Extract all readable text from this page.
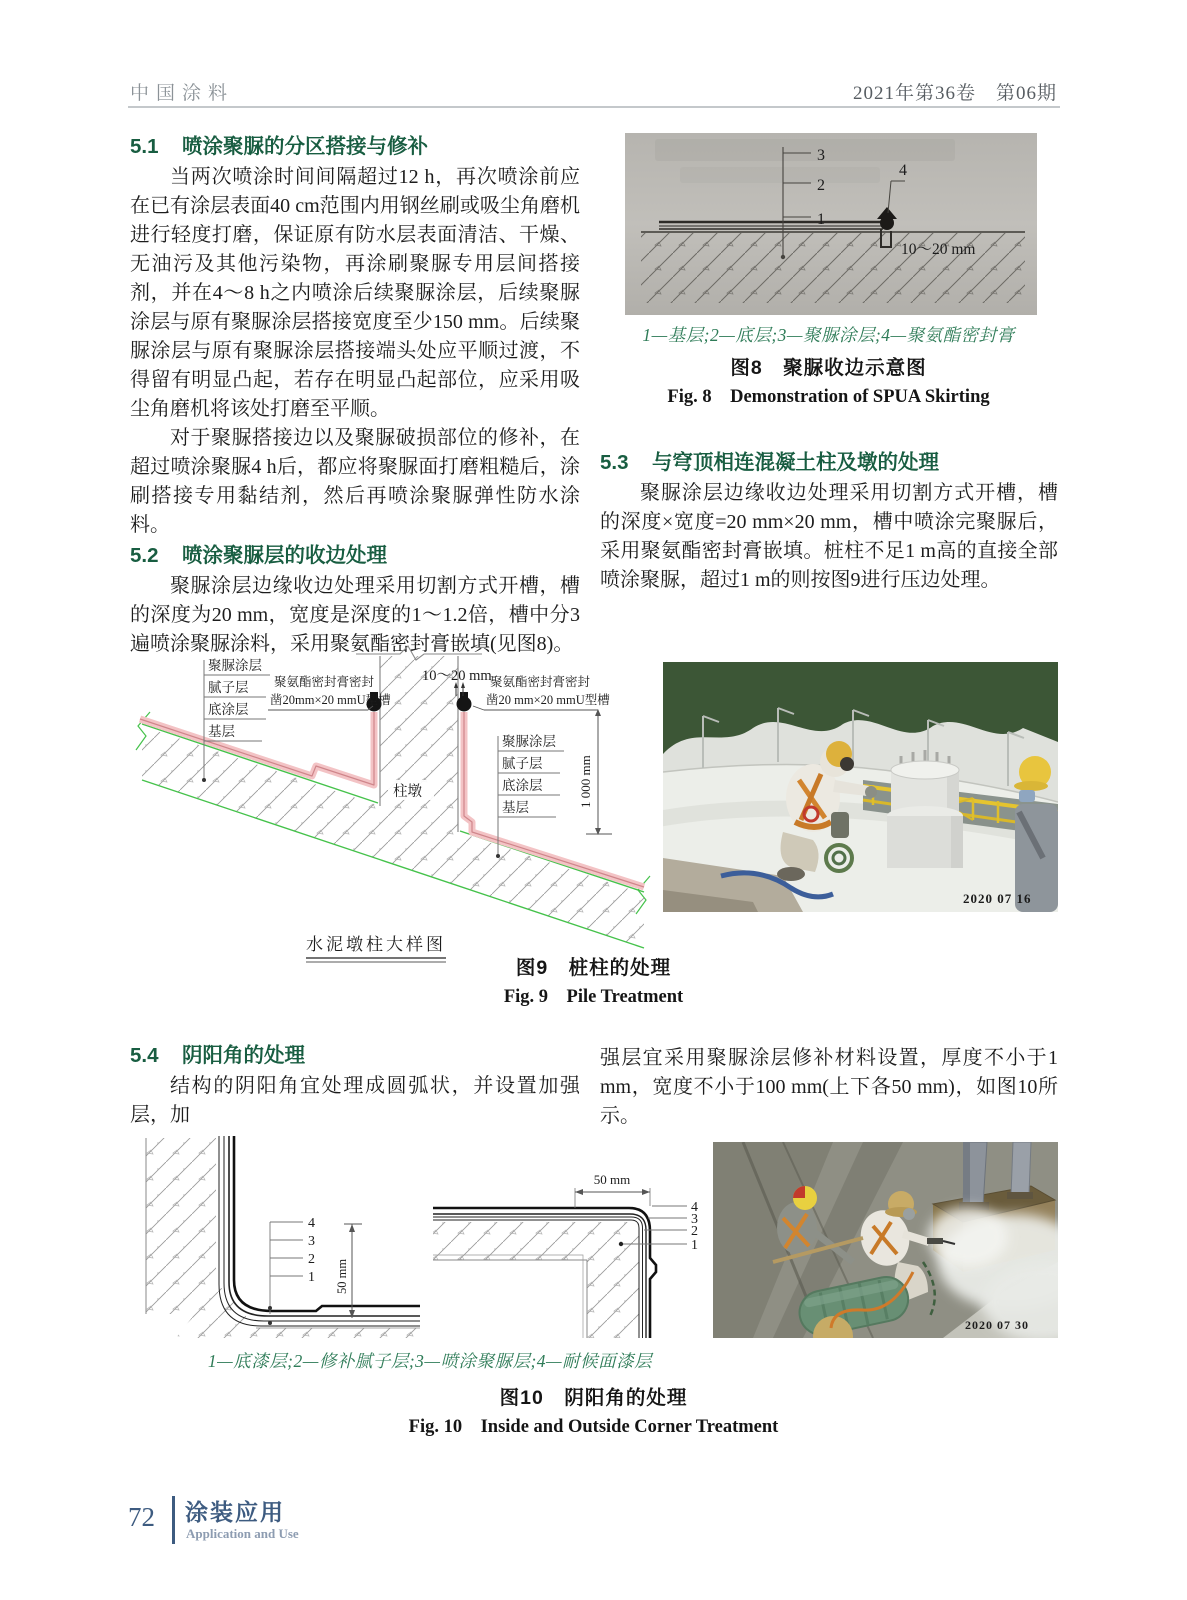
中国涂料	2021年第36卷　第06期
5.1 喷涂聚脲的分区搭接与修补

当两次喷涂时间间隔超过12 h，再次喷涂前应在已有涂层表面40 cm范围内用钢丝刷或吸尘角磨机进行轻度打磨，保证原有防水层表面清洁、干燥、无油污及其他污染物，再涂刷聚脲专用层间搭接剂，并在4～8 h之内喷涂后续聚脲涂层，后续聚脲涂层与原有聚脲涂层搭接宽度至少150 mm。后续聚脲涂层与原有聚脲涂层搭接端头处应平顺过渡，不得留有明显凸起，若存在明显凸起部位，应采用吸尘角磨机将该处打磨至平顺。

对于聚脲搭接边以及聚脲破损部位的修补，在超过喷涂聚脲4 h后，都应将聚脲面打磨粗糙后，涂刷搭接专用黏结剂，然后再喷涂聚脲弹性防水涂料。

5.2 喷涂聚脲层的收边处理

聚脲涂层边缘收边处理采用切割方式开槽，槽的深度为20 mm，宽度是深度的1～1.2倍，槽中分3遍喷涂聚脲涂料，采用聚氨酯密封膏嵌填(见图8)。

3
2
1
4
10～20 mm
1—基层;2—底层;3—聚脲涂层;4—聚氨酯密封膏
图8　聚脲收边示意图
Fig. 8　Demonstration of SPUA Skirting
5.3 与穹顶相连混凝土柱及墩的处理

聚脲涂层边缘收边处理采用切割方式开槽，槽的深度×宽度=20 mm×20 mm，槽中喷涂完聚脲后，采用聚氨酯密封膏嵌填。桩柱不足1 m高的直接全部喷涂聚脲，超过1 m的则按图9进行压边处理。

聚脲涂层
腻子层
底涂层
基层
聚氨酯密封膏密封
凿20mm×20 mmU型槽
10～20 mm
聚氨酯密封膏密封
凿20 mm×20 mmU型槽
聚脲涂层
腻子层
底涂层
基层	1 000 mm
柱墩
水泥墩柱大样图
2020 07 16
图9　桩柱的处理
Fig. 9　Pile Treatment
5.4 阴阳角的处理

结构的阴阳角宜处理成圆弧状，并设置加强层，加

强层宜采用聚脲涂层修补材料设置，厚度不小于1 mm，宽度不小于100 mm(上下各50 mm)，如图10所示。

4
3
2
1 50 mm
50 mm
4
3
2
1
2020 07 30
1—底漆层;2—修补腻子层;3—喷涂聚脲层;4—耐候面漆层
图10　阴阳角的处理
Fig. 10　Inside and Outside Corner Treatment
72 涂装应用
Application and Use
